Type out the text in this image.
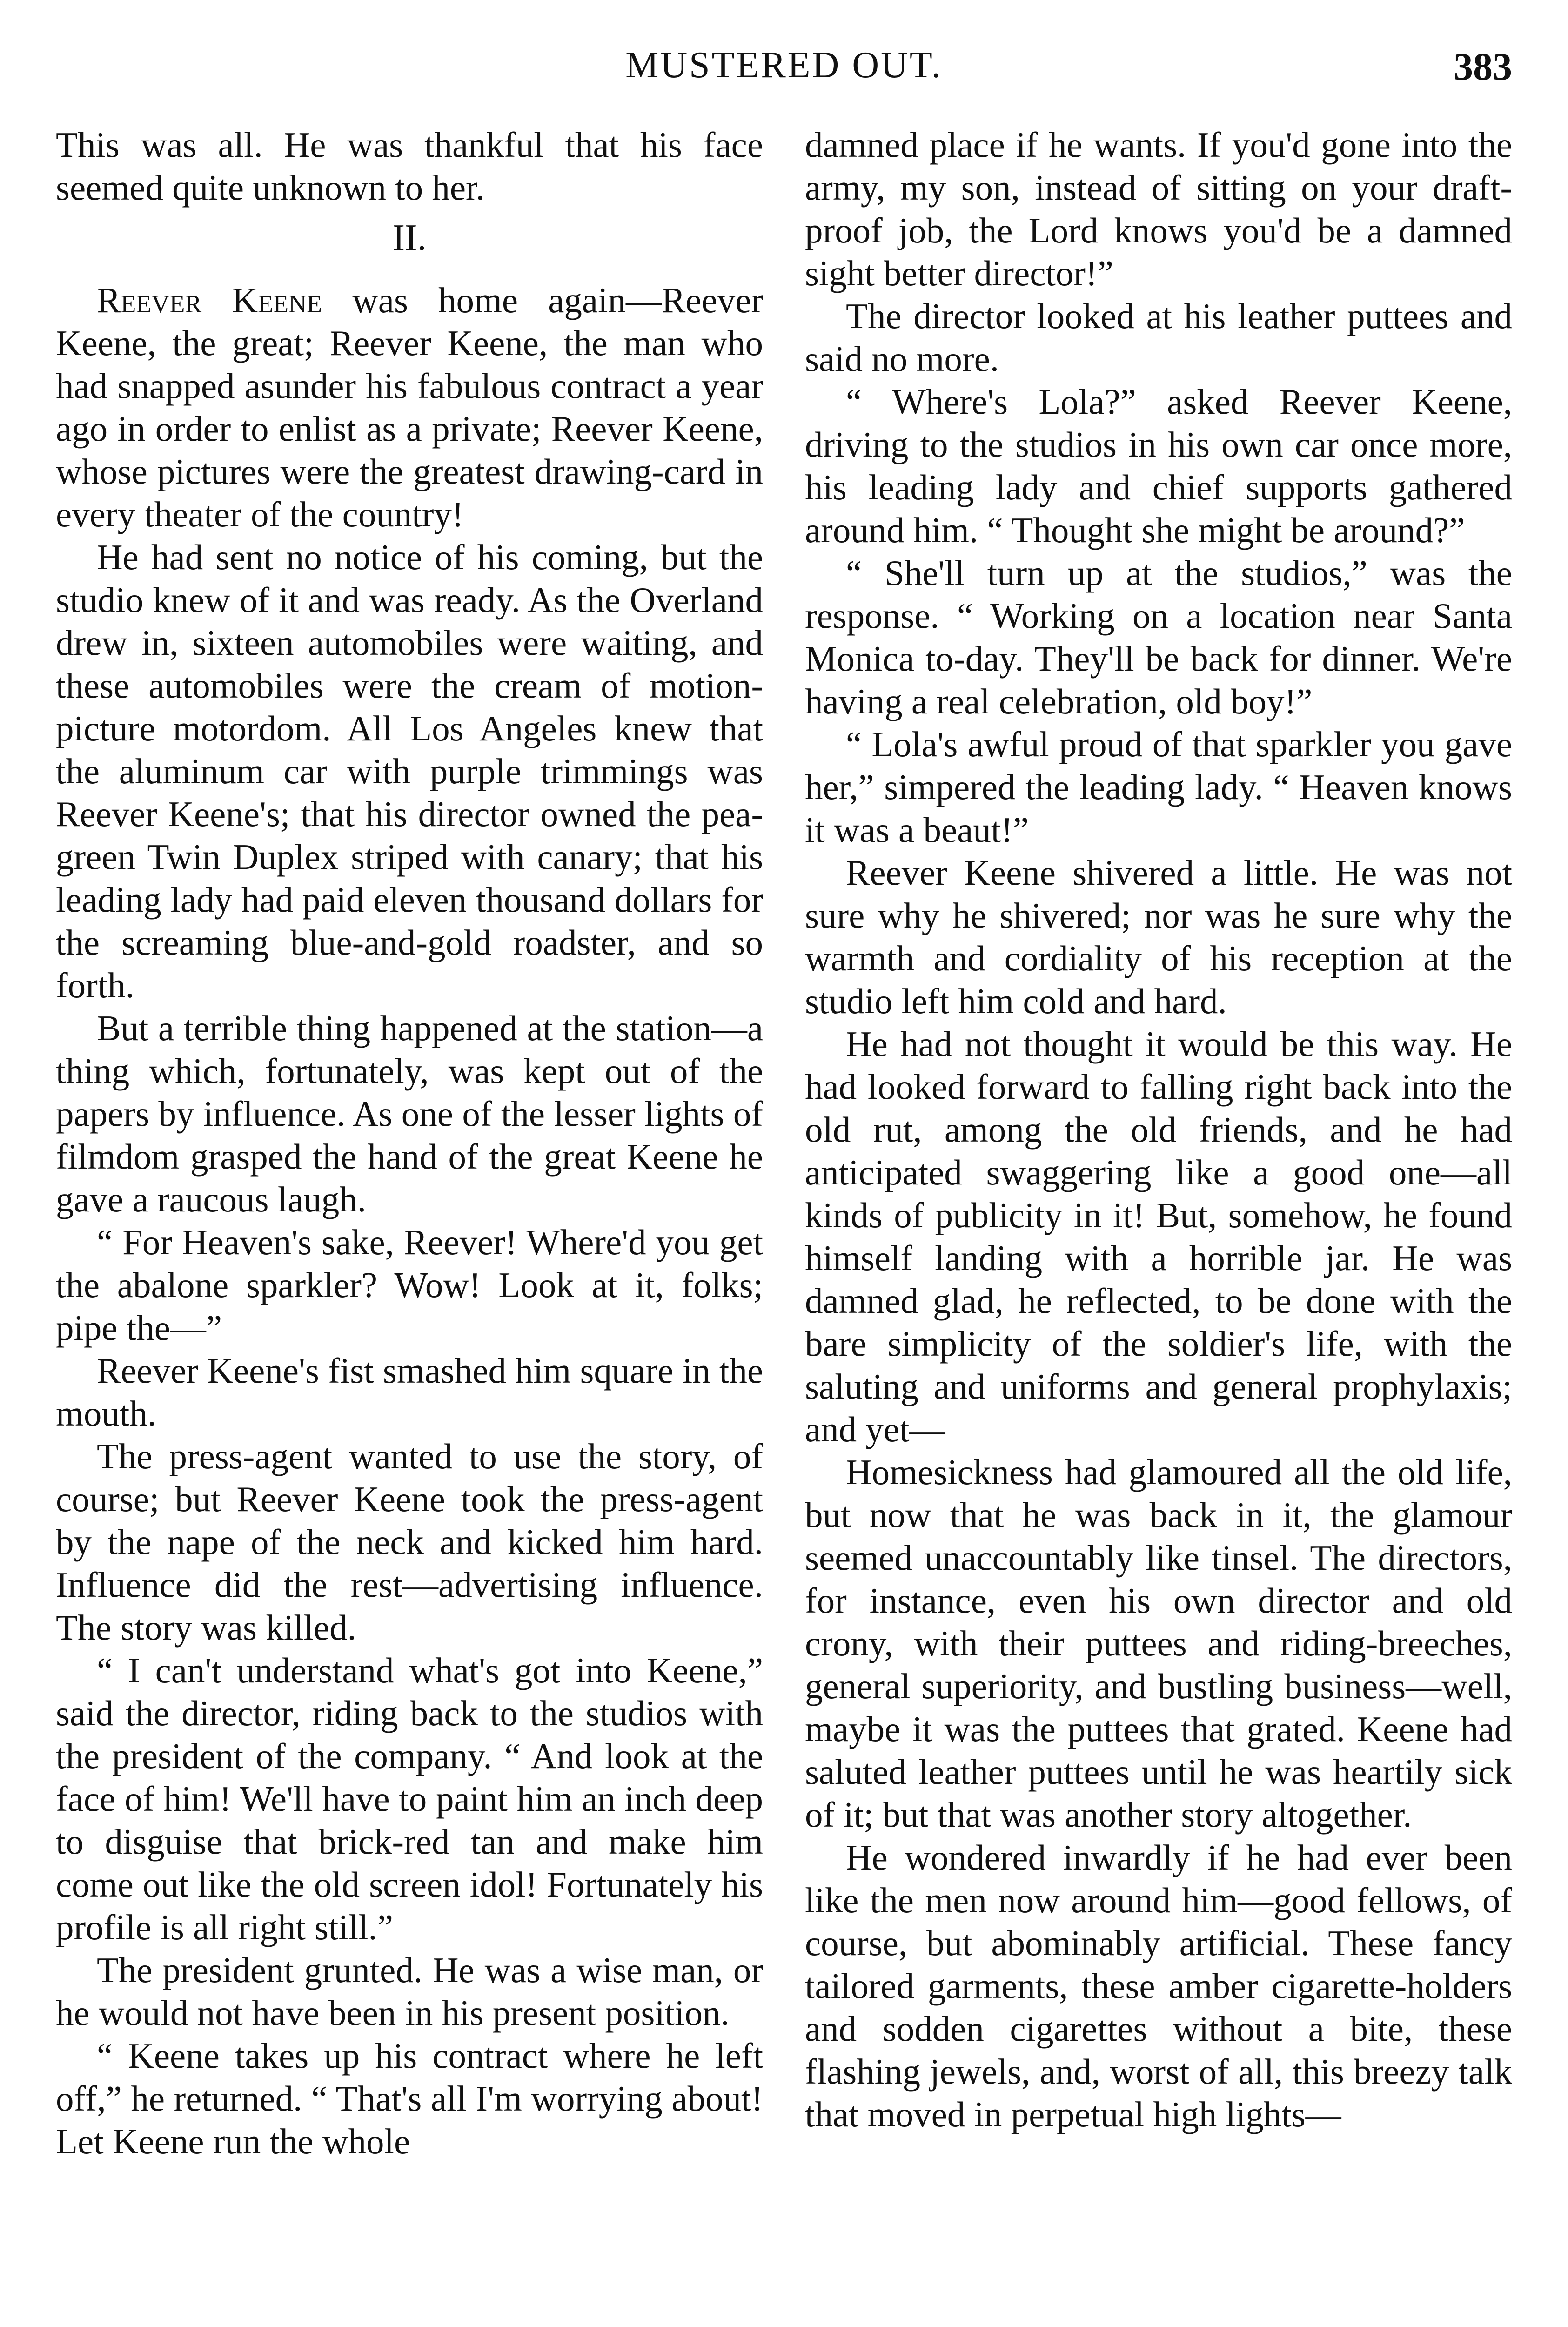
MUSTERED OUT.	383

This was all. He was thankful that his face seemed quite unknown to her.

II.

Reever Keene was home again—Reever Keene, the great; Reever Keene, the man who had snapped asunder his fabulous contract a year ago in order to enlist as a private; Reever Keene, whose pictures were the greatest drawing-card in every theater of the country!

He had sent no notice of his coming, but the studio knew of it and was ready. As the Overland drew in, sixteen automobiles were waiting, and these automobiles were the cream of motion-picture motordom. All Los Angeles knew that the aluminum car with purple trimmings was Reever Keene's; that his director owned the pea-green Twin Duplex striped with canary; that his leading lady had paid eleven thousand dollars for the screaming blue-and-gold roadster, and so forth.

But a terrible thing happened at the station—a thing which, fortunately, was kept out of the papers by influence. As one of the lesser lights of filmdom grasped the hand of the great Keene he gave a raucous laugh.

“ For Heaven's sake, Reever! Where'd you get the abalone sparkler? Wow! Look at it, folks; pipe the—”

Reever Keene's fist smashed him square in the mouth.

The press-agent wanted to use the story, of course; but Reever Keene took the press-agent by the nape of the neck and kicked him hard. Influence did the rest—advertising influence. The story was killed.

“ I can't understand what's got into Keene,” said the director, riding back to the studios with the president of the company. “ And look at the face of him! We'll have to paint him an inch deep to disguise that brick-red tan and make him come out like the old screen idol! Fortunately his profile is all right still.”

The president grunted. He was a wise man, or he would not have been in his present position.

“ Keene takes up his contract where he left off,” he returned. “ That's all I'm worrying about! Let Keene run the whole

damned place if he wants. If you'd gone into the army, my son, instead of sitting on your draft-proof job, the Lord knows you'd be a damned sight better director!”

The director looked at his leather puttees and said no more.

“ Where's Lola?” asked Reever Keene, driving to the studios in his own car once more, his leading lady and chief supports gathered around him. “ Thought she might be around?”

“ She'll turn up at the studios,” was the response. “ Working on a location near Santa Monica to-day. They'll be back for dinner. We're having a real celebration, old boy!”

“ Lola's awful proud of that sparkler you gave her,” simpered the leading lady. “ Heaven knows it was a beaut!”

Reever Keene shivered a little. He was not sure why he shivered; nor was he sure why the warmth and cordiality of his reception at the studio left him cold and hard.

He had not thought it would be this way. He had looked forward to falling right back into the old rut, among the old friends, and he had anticipated swaggering like a good one—all kinds of publicity in it! But, somehow, he found himself landing with a horrible jar. He was damned glad, he reflected, to be done with the bare simplicity of the soldier's life, with the saluting and uniforms and general prophylaxis; and yet—

Homesickness had glamoured all the old life, but now that he was back in it, the glamour seemed unaccountably like tinsel. The directors, for instance, even his own director and old crony, with their puttees and riding-breeches, general superiority, and bustling business—well, maybe it was the puttees that grated. Keene had saluted leather puttees until he was heartily sick of it; but that was another story altogether.

He wondered inwardly if he had ever been like the men now around him—good fellows, of course, but abominably artificial. These fancy tailored garments, these amber cigarette-holders and sodden cigarettes without a bite, these flashing jewels, and, worst of all, this breezy talk that moved in perpetual high lights—
